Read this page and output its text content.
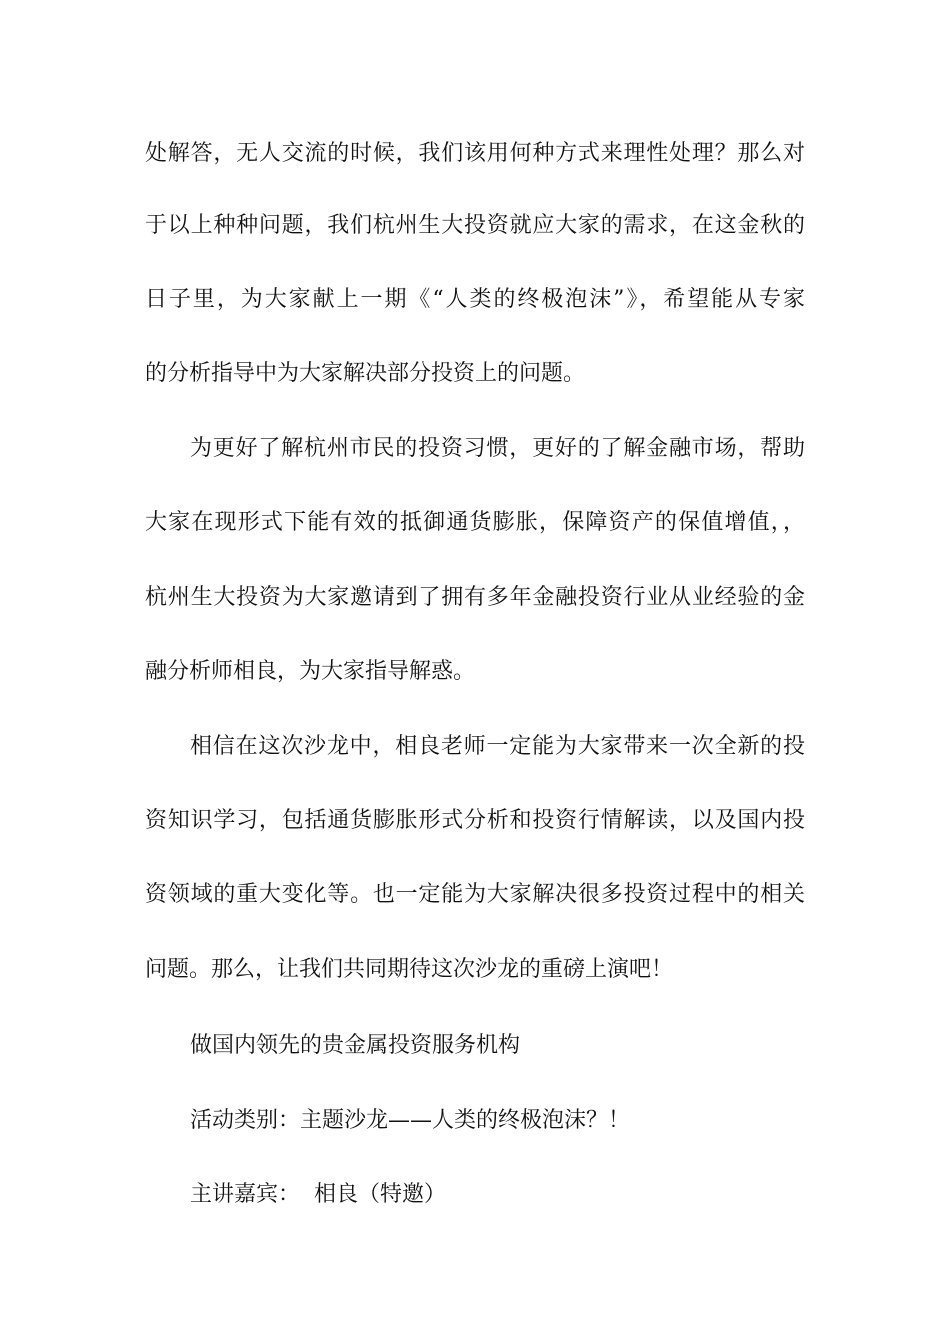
处解答，无人交流的时候，我们该用何种方式来理性处理？那么对
于以上种种问题，我们杭州生大投资就应大家的需求，在这金秋的
日子里，为大家献上一期《“人类的终极泡沫”》，希望能从专家
的分析指导中为大家解决部分投资上的问题。
为更好了解杭州市民的投资习惯，更好的了解金融市场，帮助
大家在现形式下能有效的抵御通货膨胀，保障资产的保值增值，，
杭州生大投资为大家邀请到了拥有多年金融投资行业从业经验的金
融分析师相良，为大家指导解惑。
相信在这次沙龙中，相良老师一定能为大家带来一次全新的投
资知识学习，包括通货膨胀形式分析和投资行情解读，以及国内投
资领域的重大变化等。也一定能为大家解决很多投资过程中的相关
问题。那么，让我们共同期待这次沙龙的重磅上演吧！
做国内领先的贵金属投资服务机构
活动类别：主题沙龙——人类的终极泡沫？！
主讲嘉宾：  相良（特邀）
